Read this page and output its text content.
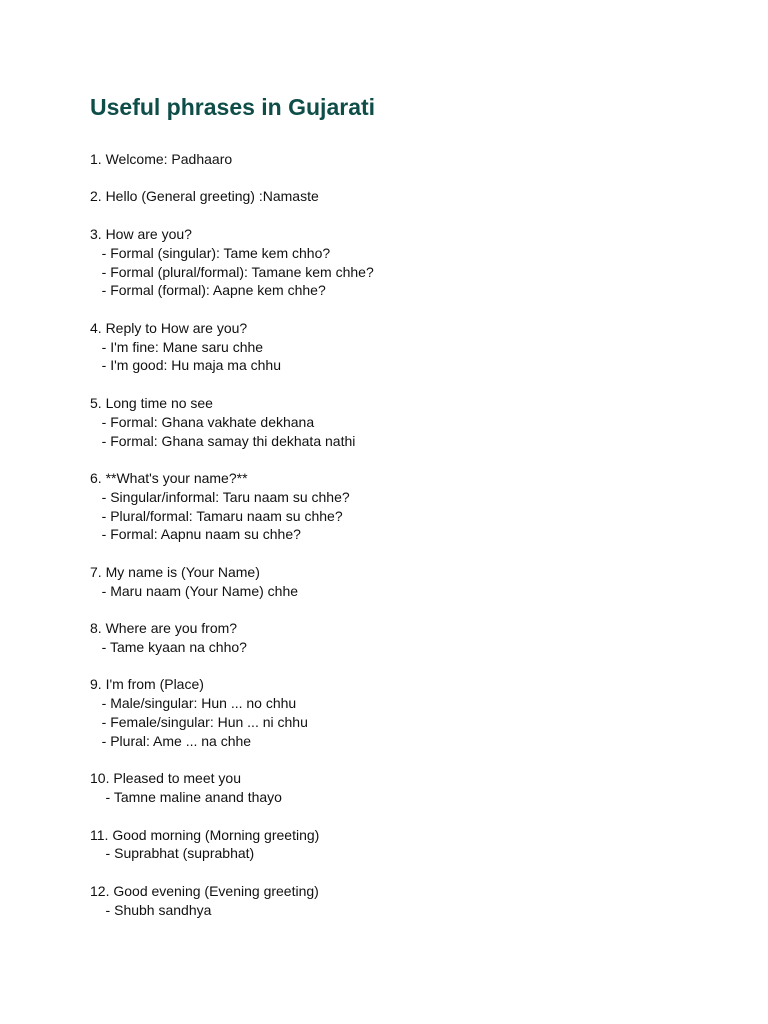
Useful phrases in Gujarati
1. Welcome: Padhaaro
2. Hello (General greeting) :Namaste
3. How are you?
- Formal (singular): Tame kem chho?
- Formal (plural/formal): Tamane kem chhe?
- Formal (formal): Aapne kem chhe?
4. Reply to How are you?
- I'm fine: Mane saru chhe
- I'm good: Hu maja ma chhu
5. Long time no see
- Formal: Ghana vakhate dekhana
- Formal: Ghana samay thi dekhata nathi
6. **What's your name?**
- Singular/informal: Taru naam su chhe?
- Plural/formal: Tamaru naam su chhe?
- Formal: Aapnu naam su chhe?
7. My name is (Your Name)
- Maru naam (Your Name) chhe
8. Where are you from?
- Tame kyaan na chho?
9. I'm from (Place)
- Male/singular: Hun ... no chhu
- Female/singular: Hun ... ni chhu
- Plural: Ame ... na chhe
10. Pleased to meet you
- Tamne maline anand thayo
11. Good morning (Morning greeting)
- Suprabhat (suprabhat)
12. Good evening (Evening greeting)
- Shubh sandhya
